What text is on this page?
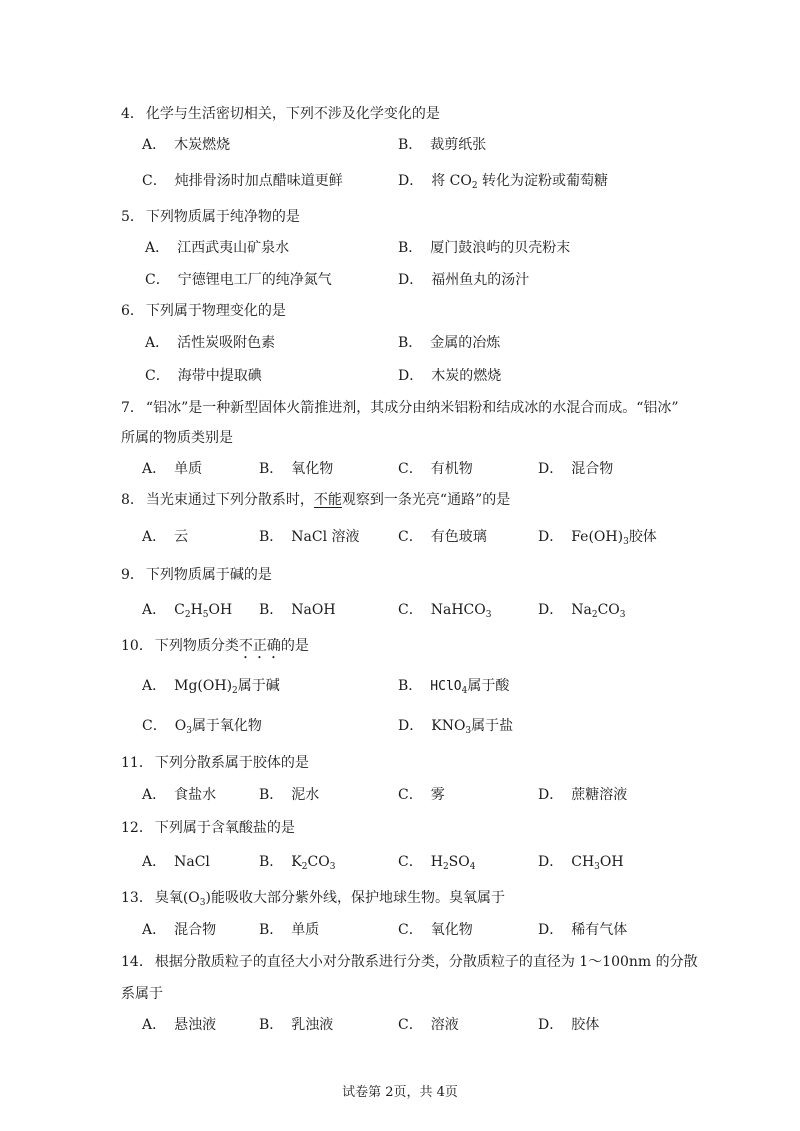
4． 化学与生活密切相关，下列不涉及化学变化的是
A． 木炭燃烧	B． 裁剪纸张
C． 炖排骨汤时加点醋味道更鲜	D． 将 $CO_2$ 转化为淀粉或葡萄糖
5． 下列物质属于纯净物的是
A． 江西武夷山矿泉水	B． 厦门鼓浪屿的贝壳粉末
C． 宁德锂电工厂的纯净氮气	D． 福州鱼丸的汤汁
6． 下列属于物理变化的是
A． 活性炭吸附色素	B． 金属的冶炼
C． 海带中提取碘	D． 木炭的燃烧
7． “铝冰”是一种新型固体火箭推进剂，其成分由纳米铝粉和结成冰的水混合而成。“铝冰”
所属的物质类别是
A． 单质	B． 氧化物	C． 有机物	D． 混合物
8． 当光束通过下列分散系时，不能观察到一条光亮“通路”的是
A． 云	B． NaCl 溶液	C． 有色玻璃	D． $Fe(OH)_3$胶体
9． 下列物质属于碱的是
A． $C_2H_5OH$ B． NaOH	C． NaHCO$_3$	D． $Na_2CO_3$
10． 下列物质分类不正确的是
A． $Mg(OH)_2$属于碱	B． HClO$_4$属于酸
C． $O_3$属于氧化物	D． $KNO_3$属于盐
11． 下列分散系属于胶体的是
A． 食盐水	B． 泥水	C． 雾	D． 蔗糖溶液
12． 下列属于含氧酸盐的是
A． NaCl	B． $K_2CO_3$	C． $H_2SO_4$	D． $CH_3OH$
13． 臭氧$(O_3)$能吸收大部分紫外线，保护地球生物。臭氧属于
A． 混合物	B． 单质	C． 氧化物	D． 稀有气体
14． 根据分散质粒子的直径大小对分散系进行分类，分散质粒子的直径为 1～100nm 的分散
系属于
A． 悬浊液	B． 乳浊液	C． 溶液	D． 胶体
试卷第 2页，共 4页
